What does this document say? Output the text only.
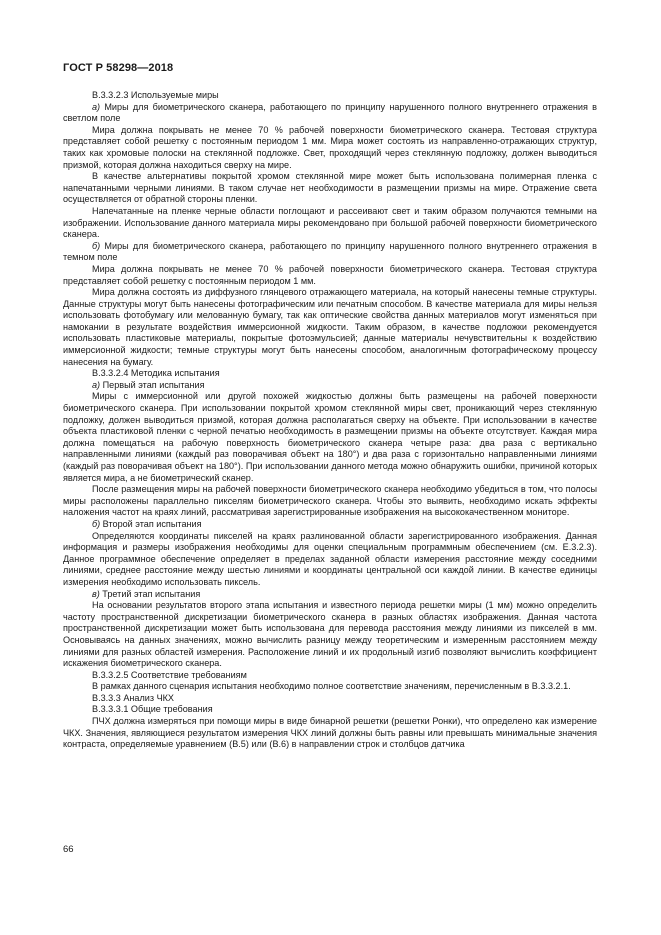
ГОСТ Р 58298—2018

B.3.3.2.3 Используемые миры

а) Миры для биометрического сканера, работающего по принципу нарушенного полного внутреннего отражения в светлом поле

Мира должна покрывать не менее 70 % рабочей поверхности биометрического сканера. Тестовая структура представляет собой решетку с постоянным периодом 1 мм. Мира может состоять из направленно-отражающих структур, таких как хромовые полоски на стеклянной подложке. Свет, проходящий через стеклянную подложку, должен выводиться призмой, которая должна находиться сверху на мире.

В качестве альтернативы покрытой хромом стеклянной мире может быть использована полимерная пленка с напечатанными черными линиями. В таком случае нет необходимости в размещении призмы на мире. Отражение света осуществляется от обратной стороны пленки.

Напечатанные на пленке черные области поглощают и рассеивают свет и таким образом получаются темными на изображении. Использование данного материала миры рекомендовано при большой рабочей поверхности биометрического сканера.

б) Миры для биометрического сканера, работающего по принципу нарушенного полного внутреннего отражения в темном поле

Мира должна покрывать не менее 70 % рабочей поверхности биометрического сканера. Тестовая структура представляет собой решетку с постоянным периодом 1 мм.

Мира должна состоять из диффузного глянцевого отражающего материала, на который нанесены темные структуры. Данные структуры могут быть нанесены фотографическим или печатным способом. В качестве материала для миры нельзя использовать фотобумагу или мелованную бумагу, так как оптические свойства данных материалов могут изменяться при намокании в результате воздействия иммерсионной жидкости. Таким образом, в качестве подложки рекомендуется использовать пластиковые материалы, покрытые фотоэмульсией; данные материалы нечувствительны к воздействию иммерсионной жидкости; темные структуры могут быть нанесены способом, аналогичным фотографическому процессу нанесения на бумагу.

B.3.3.2.4 Методика испытания

а) Первый этап испытания

Миры с иммерсионной или другой похожей жидкостью должны быть размещены на рабочей поверхности биометрического сканера. При использовании покрытой хромом стеклянной миры свет, проникающий через стеклянную подложку, должен выводиться призмой, которая должна располагаться сверху на объекте. При использовании в качестве объекта пластиковой пленки с черной печатью необходимость в размещении призмы на объекте отсутствует. Каждая мира должна помещаться на рабочую поверхность биометрического сканера четыре раза: два раза с вертикально направленными линиями (каждый раз поворачивая объект на 180°) и два раза с горизонтально направленными линиями (каждый раз поворачивая объект на 180°). При использовании данного метода можно обнаружить ошибки, причиной которых является мира, а не биометрический сканер.

После размещения миры на рабочей поверхности биометрического сканера необходимо убедиться в том, что полосы миры расположены параллельно пикселям биометрического сканера. Чтобы это выявить, необходимо искать эффекты наложения частот на краях линий, рассматривая зарегистрированные изображения на высококачественном мониторе.

б) Второй этап испытания

Определяются координаты пикселей на краях разлинованной области зарегистрированного изображения. Данная информация и размеры изображения необходимы для оценки специальным программным обеспечением (см. Е.3.2.3). Данное программное обеспечение определяет в пределах заданной области измерения расстояние между соседними линиями, среднее расстояние между шестью линиями и координаты центральной оси каждой линии. В качестве единицы измерения необходимо использовать пиксель.

в) Третий этап испытания

На основании результатов второго этапа испытания и известного периода решетки миры (1 мм) можно определить частоту пространственной дискретизации биометрического сканера в разных областях изображения. Данная частота пространственной дискретизации может быть использована для перевода расстояния между линиями из пикселей в мм. Основываясь на данных значениях, можно вычислить разницу между теоретическим и измеренным расстоянием между линиями для разных областей измерения. Расположение линий и их продольный изгиб позволяют вычислить коэффициент искажения биометрического сканера.

B.3.3.2.5 Соответствие требованиям

В рамках данного сценария испытания необходимо полное соответствие значениям, перечисленным в В.3.3.2.1.

B.3.3.3 Анализ ЧКХ

B.3.3.3.1 Общие требования

ПЧХ должна измеряться при помощи миры в виде бинарной решетки (решетки Ронки), что определено как измерение ЧКХ. Значения, являющиеся результатом измерения ЧКХ линий должны быть равны или превышать минимальные значения контраста, определяемые уравнением (В.5) или (В.6) в направлении строк и столбцов датчика

66
